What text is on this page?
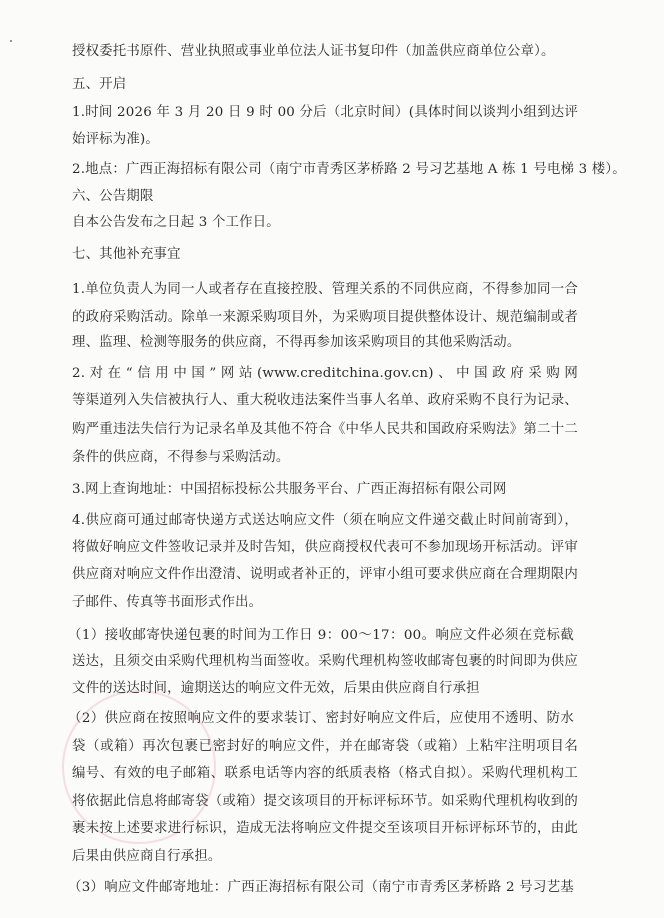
授权委托书原件、营业执照或事业单位法人证书复印件（加盖供应商单位公章）。
五、开启
1.时间 2026 年 3 月 20 日 9 时 00 分后（北京时间）(具体时间以谈判小组到达评
始评标为准)。
2.地点：广西正海招标有限公司（南宁市青秀区茅桥路 2 号习艺基地 A 栋 1 号电梯 3 楼）。
六、公告期限
自本公告发布之日起 3 个工作日。
七、其他补充事宜
1.单位负责人为同一人或者存在直接控股、管理关系的不同供应商，不得参加同一合
的政府采购活动。除单一来源采购项目外，为采购项目提供整体设计、规范编制或者
理、监理、检测等服务的供应商，不得再参加该采购项目的其他采购活动。
2.对在“信用中国”网站(www.creditchina.gov.cn)、中国政府采购网
等渠道列入失信被执行人、重大税收违法案件当事人名单、政府采购不良行为记录、
购严重违法失信行为记录名单及其他不符合《中华人民共和国政府采购法》第二十二
条件的供应商，不得参与采购活动。
3.网上查询地址：中国招标投标公共服务平台、广西正海招标有限公司网
4.供应商可通过邮寄快递方式送达响应文件（须在响应文件递交截止时间前寄到），
将做好响应文件签收记录并及时告知，供应商授权代表可不参加现场开标活动。评审
供应商对响应文件作出澄清、说明或者补正的，评审小组可要求供应商在合理期限内
子邮件、传真等书面形式作出。
（1）接收邮寄快递包裹的时间为工作日 9：00～17：00。响应文件必须在竞标截
送达，且须交由采购代理机构当面签收。采购代理机构签收邮寄包裹的时间即为供应
文件的送达时间，逾期送达的响应文件无效，后果由供应商自行承担
（2）供应商在按照响应文件的要求装订、密封好响应文件后，应使用不透明、防水
袋（或箱）再次包裹已密封好的响应文件，并在邮寄袋（或箱）上粘牢注明项目名
编号、有效的电子邮箱、联系电话等内容的纸质表格（格式自拟）。采购代理机构工
将依据此信息将邮寄袋（或箱）提交该项目的开标评标环节。如采购代理机构收到的
裹未按上述要求进行标识，造成无法将响应文件提交至该项目开标评标环节的，由此
后果由供应商自行承担。
（3）响应文件邮寄地址：广西正海招标有限公司（南宁市青秀区茅桥路 2 号习艺基
